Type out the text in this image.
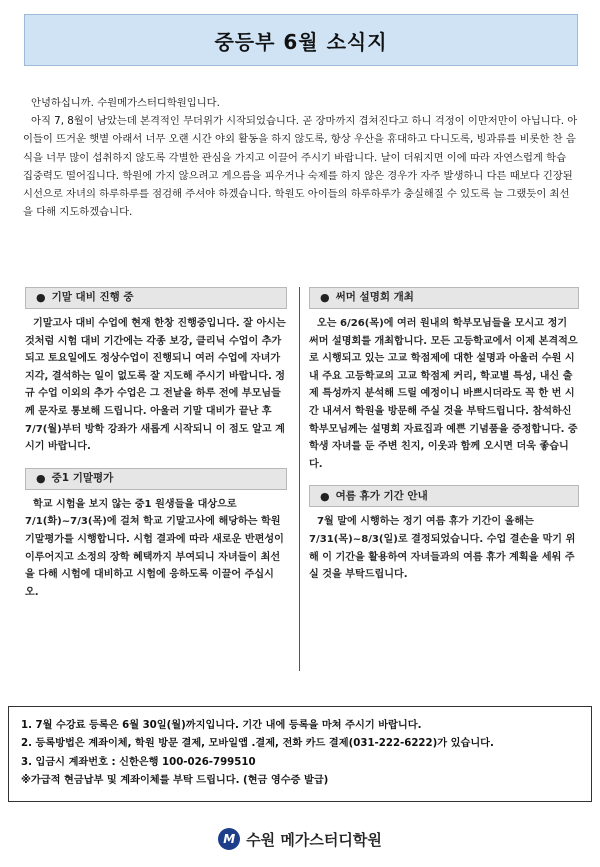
중등부 6월 소식지

안녕하십니까. 수원메가스터디학원입니다.

아직 7, 8월이 남았는데 본격적인 무더위가 시작되었습니다. 곧 장마까지 겹쳐진다고 하니 걱정이 이만저만이 아닙니다. 아이들이 뜨거운 햇볕 아래서 너무 오랜 시간 야외 활동을 하지 않도록, 항상 우산을 휴대하고 다니도록, 빙과류를 비롯한 찬 음식을 너무 많이 섭취하지 않도록 각별한 관심을 가지고 이끌어 주시기 바랍니다. 날이 더워지면 이에 따라 자연스럽게 학습 집중력도 떨어집니다. 학원에 가지 않으려고 게으름을 피우거나 숙제를 하지 않은 경우가 자주 발생하니 다른 때보다 긴장된 시선으로 자녀의 하루하루를 점검해 주셔야 하겠습니다. 학원도 아이들의 하루하루가 충실해질 수 있도록 늘 그랬듯이 최선을 다해 지도하겠습니다.

● 기말 대비 진행 중

기말고사 대비 수업에 현재 한창 진행중입니다. 잘 아시는 것처럼 시험 대비 기간에는 각종 보강, 클리닉 수업이 추가되고 토요일에도 정상수업이 진행되니 여러 수업에 자녀가 지각, 결석하는 일이 없도록 잘 지도해 주시기 바랍니다. 정규 수업 이외의 추가 수업은 그 전날을 하루 전에 부모님들께 문자로 통보해 드립니다. 아울러 기말 대비가 끝난 후 7/7(월)부터 방학 강좌가 새롭게 시작되니 이 점도 알고 계시기 바랍니다.

● 중1 기말평가

학교 시험을 보지 않는 중1 원생들을 대상으로 7/1(화)~7/3(목)에 걸쳐 학교 기말고사에 해당하는 학원 기말평가를 시행합니다. 시험 결과에 따라 새로운 반편성이 이루어지고 소정의 장학 혜택까지 부여되니 자녀들이 최선을 다해 시험에 대비하고 시험에 응하도록 이끌어 주십시오.

● 써머 설명회 개최

오는 6/26(목)에 여러 원내의 학부모님들을 모시고 정기 써머 설명회를 개최합니다. 모든 고등학교에서 이제 본격적으로 시행되고 있는 고교 학점제에 대한 설명과 아울러 수원 시내 주요 고등학교의 고교 학점제 커리, 학교별 특성, 내신 출제 특성까지 분석해 드릴 예정이니 바쁘시더라도 꼭 한 번 시간 내셔서 학원을 방문해 주실 것을 부탁드립니다. 참석하신 학부모님께는 설명회 자료집과 예쁜 기념품을 증정합니다. 중학생 자녀를 둔 주변 친지, 이웃과 함께 오시면 더욱 좋습니다.

● 여름 휴가 기간 안내

7월 말에 시행하는 정기 여름 휴가 기간이 올해는 7/31(목)~8/3(일)로 결정되었습니다. 수업 결손을 막기 위해 이 기간을 활용하여 자녀들과의 여름 휴가 계획을 세워 주실 것을 부탁드립니다.

1. 7월 수강료 등록은 6월 30일(월)까지입니다. 기간 내에 등록을 마쳐 주시기 바랍니다.
2. 등록방법은 계좌이체, 학원 방문 결제, 모바일앱 .결제, 전화 카드 결제(031-222-6222)가 있습니다.
3. 입금시 계좌번호 : 신한은행 100-026-799510
※가급적 현금납부 및 계좌이체를 부탁 드립니다. (현금 영수증 발급)
M 수원 메가스터디학원
